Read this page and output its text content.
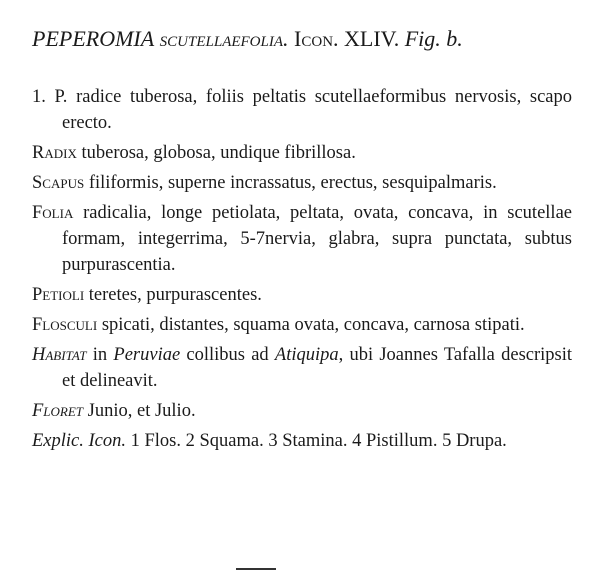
PEPEROMIA scutellaefolia. Icon. XLIV. Fig. b.

1. P. radice tuberosa, foliis peltatis scutellaeformibus nervosis, scapo erecto.

Radix tuberosa, globosa, undique fibrillosa.

Scapus filiformis, superne incrassatus, erectus, sesquipalmaris.

Folia radicalia, longe petiolata, peltata, ovata, concava, in scutellae formam, integerrima, 5-7nervia, glabra, supra punctata, subtus purpurascentia.

Petioli teretes, purpurascentes.

Flosculi spicati, distantes, squama ovata, concava, carnosa stipati.

Habitat in Peruviae collibus ad Atiquipa, ubi Joannes Tafalla descripsit et delineavit.

Floret Junio, et Julio.

Explic. Icon. 1 Flos. 2 Squama. 3 Stamina. 4 Pistillum. 5 Drupa.
